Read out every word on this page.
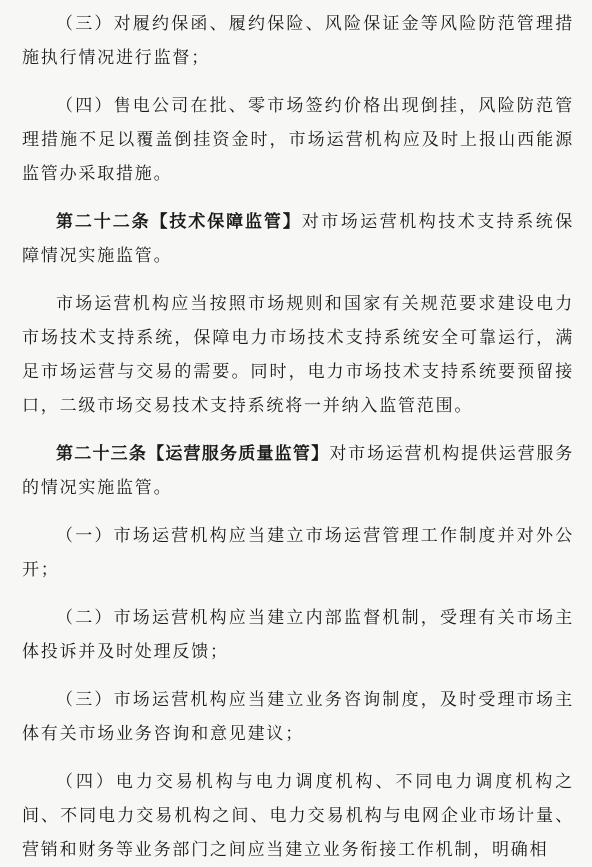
（三）对履约保函、履约保险、风险保证金等风险防范管理措施执行情况进行监督；

（四）售电公司在批、零市场签约价格出现倒挂，风险防范管理措施不足以覆盖倒挂资金时，市场运营机构应及时上报山西能源监管办采取措施。

第二十二条【技术保障监管】对市场运营机构技术支持系统保障情况实施监管。

市场运营机构应当按照市场规则和国家有关规范要求建设电力市场技术支持系统，保障电力市场技术支持系统安全可靠运行，满足市场运营与交易的需要。同时，电力市场技术支持系统要预留接口，二级市场交易技术支持系统将一并纳入监管范围。

第二十三条【运营服务质量监管】对市场运营机构提供运营服务的情况实施监管。

（一）市场运营机构应当建立市场运营管理工作制度并对外公开；

（二）市场运营机构应当建立内部监督机制，受理有关市场主体投诉并及时处理反馈；

（三）市场运营机构应当建立业务咨询制度，及时受理市场主体有关市场业务咨询和意见建议；

（四）电力交易机构与电力调度机构、不同电力调度机构之间、不同电力交易机构之间、电力交易机构与电网企业市场计量、营销和财务等业务部门之间应当建立业务衔接工作机制，明确相
